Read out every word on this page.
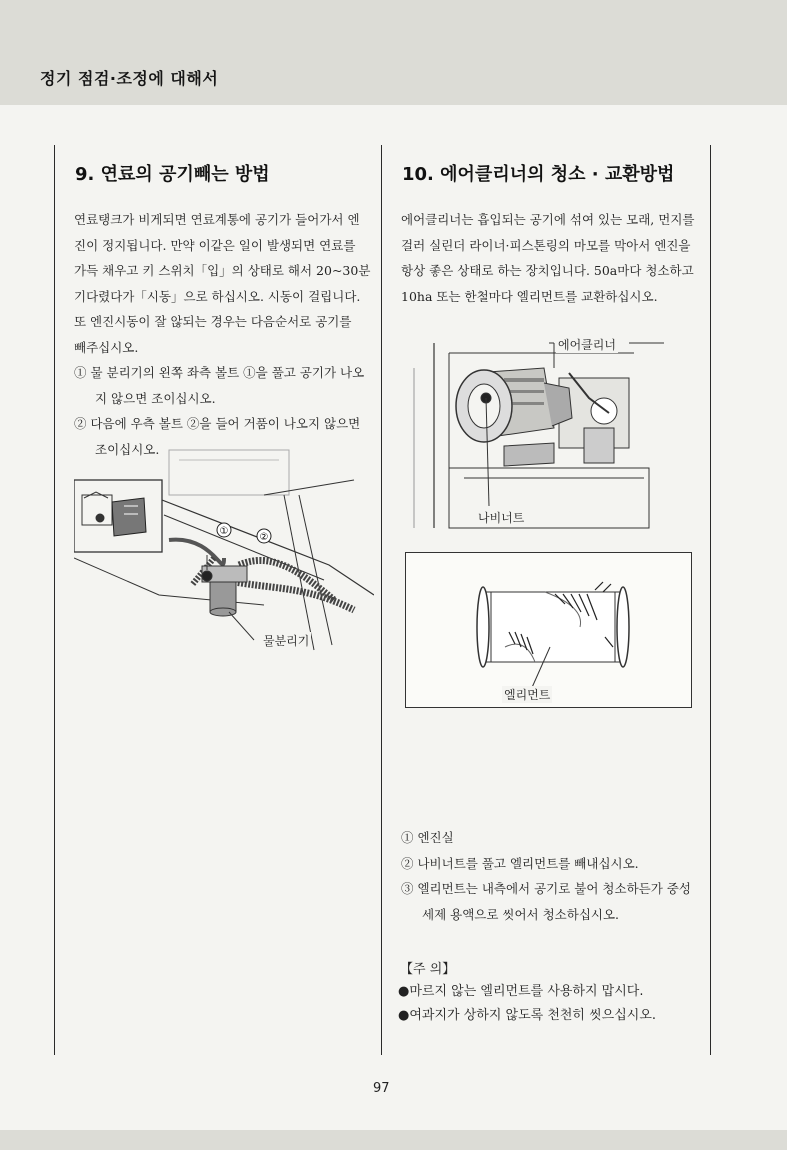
정기 점검·조정에 대해서
9. 연료의 공기빼는 방법
연료탱크가 비게되면 연료계통에 공기가 들어가서 엔
진이 정지됩니다. 만약 이같은 일이 발생되면 연료를
가득 채우고 키 스위치「입」의 상태로 해서 20~30분
기다렸다가「시동」으로 하십시오. 시동이 걸립니다.
또 엔진시동이 잘 않되는 경우는 다음순서로 공기를
빼주십시오.
① 물 분리기의 왼쪽 좌측 볼트 ①을 풀고 공기가 나오지 않으면 조이십시오.
② 다음에 우측 볼트 ②을 들어 거품이 나오지 않으면 조이십시오.
①
②
물분리기
10. 에어클리너의 청소 · 교환방법
에어클리너는 흡입되는 공기에 섞여 있는 모래, 먼지를
걸러 실린더 라이너·피스톤링의 마모를 막아서 엔진을
항상 좋은 상태로 하는 장치입니다. 50a마다 청소하고
10ha 또는 한철마다 엘리먼트를 교환하십시오.
에어클리너
나비너트
엘리먼트
① 엔진실
② 나비너트를 풀고 엘리먼트를 빼내십시오.
③ 엘리먼트는 내측에서 공기로 불어 청소하든가 중성세제 용액으로 씻어서 청소하십시오.
【주 의】
●마르지 않는 엘리먼트를 사용하지 맙시다.
●여과지가 상하지 않도록 천천히 씻으십시오.
97
